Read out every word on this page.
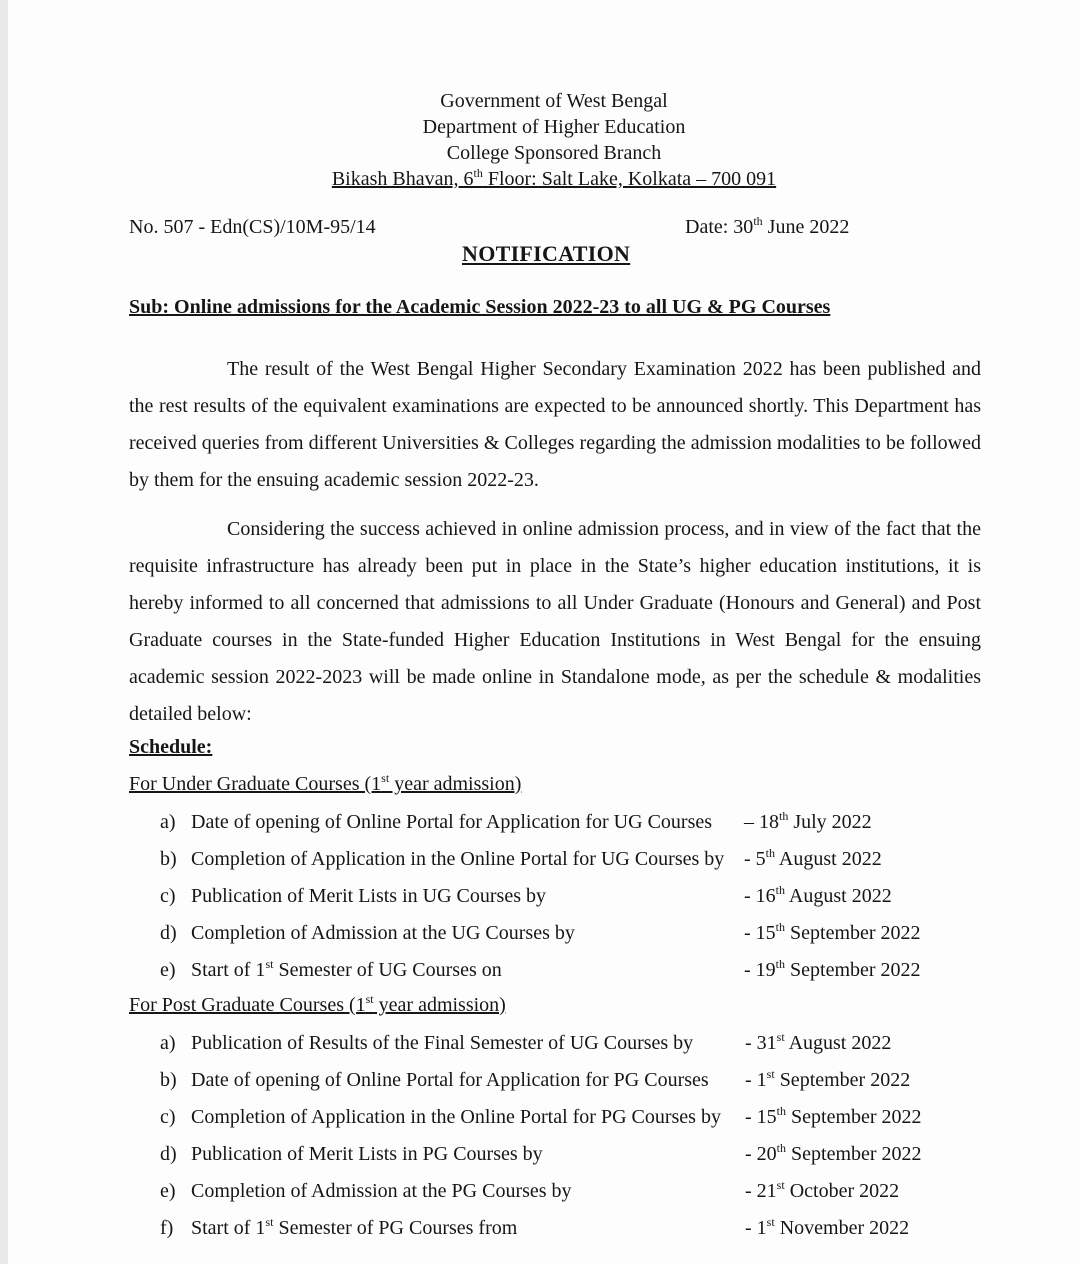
Government of West Bengal
Department of Higher Education
College Sponsored Branch
Bikash Bhavan, 6th Floor: Salt Lake, Kolkata – 700 091
No. 507 - Edn(CS)/10M-95/14	Date: 30th June 2022
NOTIFICATION
Sub: Online admissions for the Academic Session 2022-23 to all UG & PG Courses

The result of the West Bengal Higher Secondary Examination 2022 has been published and the rest results of the equivalent examinations are expected to be announced shortly. This Department has received queries from different Universities & Colleges regarding the admission modalities to be followed by them for the ensuing academic session 2022-23.

Considering the success achieved in online admission process, and in view of the fact that the requisite infrastructure has already been put in place in the State’s higher education institutions, it is hereby informed to all concerned that admissions to all Under Graduate (Honours and General) and Post Graduate courses in the State-funded Higher Education Institutions in West Bengal for the ensuing academic session 2022-2023 will be made online in Standalone mode, as per the schedule & modalities detailed below:

Schedule:
For Under Graduate Courses (1st year admission)
For Post Graduate Courses (1st year admission)
a) Date of opening of Online Portal for Application for UG Courses – 18th July 2022
b) Completion of Application in the Online Portal for UG Courses by - 5th August 2022
c) Publication of Merit Lists in UG Courses by	- 16th August 2022
d) Completion of Admission at the UG Courses by	- 15th September 2022
e) Start of 1st Semester of UG Courses on	- 19th September 2022
a) Publication of Results of the Final Semester of UG Courses by	- 31st August 2022
b) Date of opening of Online Portal for Application for PG Courses - 1st September 2022
c) Completion of Application in the Online Portal for PG Courses by - 15th September 2022
d) Publication of Merit Lists in PG Courses by	- 20th September 2022
e) Completion of Admission at the PG Courses by	- 21st October 2022
f) Start of 1st Semester of PG Courses from	- 1st November 2022
